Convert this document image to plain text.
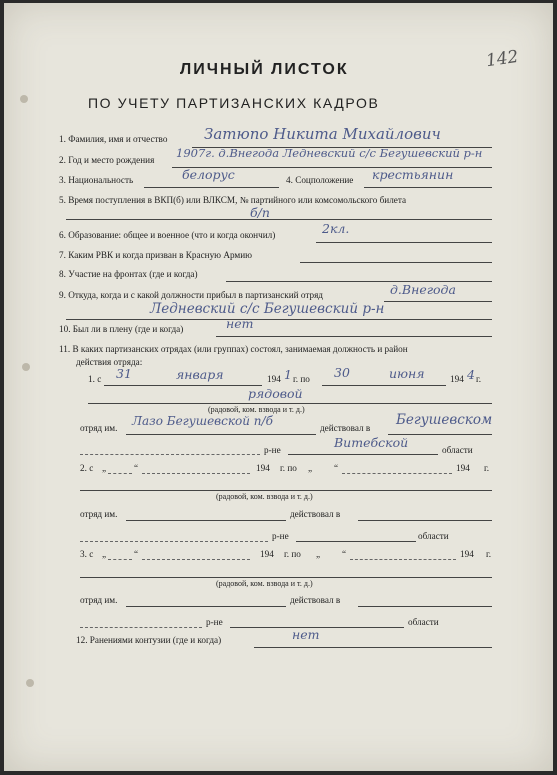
142
ЛИЧНЫЙ ЛИСТОК
ПО УЧЕТУ ПАРТИЗАНСКИХ КАДРОВ
1. Фамилия, имя и отчество Затюпо Никита Михайлович
2. Год и место рождения 1907г. д.Внегода Ледневский с/с Бегушевский р-н
3. Национальность	белорус	4. Соцположение крестьянин
5. Время поступления в ВКП(б) или ВЛКСМ, № партийного или комсомольского билета
б/п
6. Образование: общее и военное (что и когда окончил)	2кл.
7. Каким РВК и когда призван в Красную Армию
8. Участие на фронтах (где и когда)
9. Откуда, когда и с какой должности прибыл в партизанский отряд	д.Внегода
Ледневский с/с Бегушевский р-н
10. Был ли в плену (где и когда)	нет
11. В каких партизанских отрядах (или группах) состоял, занимаемая должность и район
действия отряда:
1. с 31	января	194 1 г. по 30	июня	194 4 г.
рядовой
(радовой, ком. взвода и т. д.)
отряд им. Лазо Бегушевской п/б	действовал в Бегушевском
р-не	Витебской	области
2. с „	“	194 г. по „ “	194 г.
(радовой, ком. взвода и т. д.)
отряд им.	действовал в
р-не	области
3. с „	“	194 г. по „ “	194 г.
(радовой, ком. взвода и т. д.)
отряд им.	действовал в
р-не	области
12. Ранениями контузии (где и когда)	нет
